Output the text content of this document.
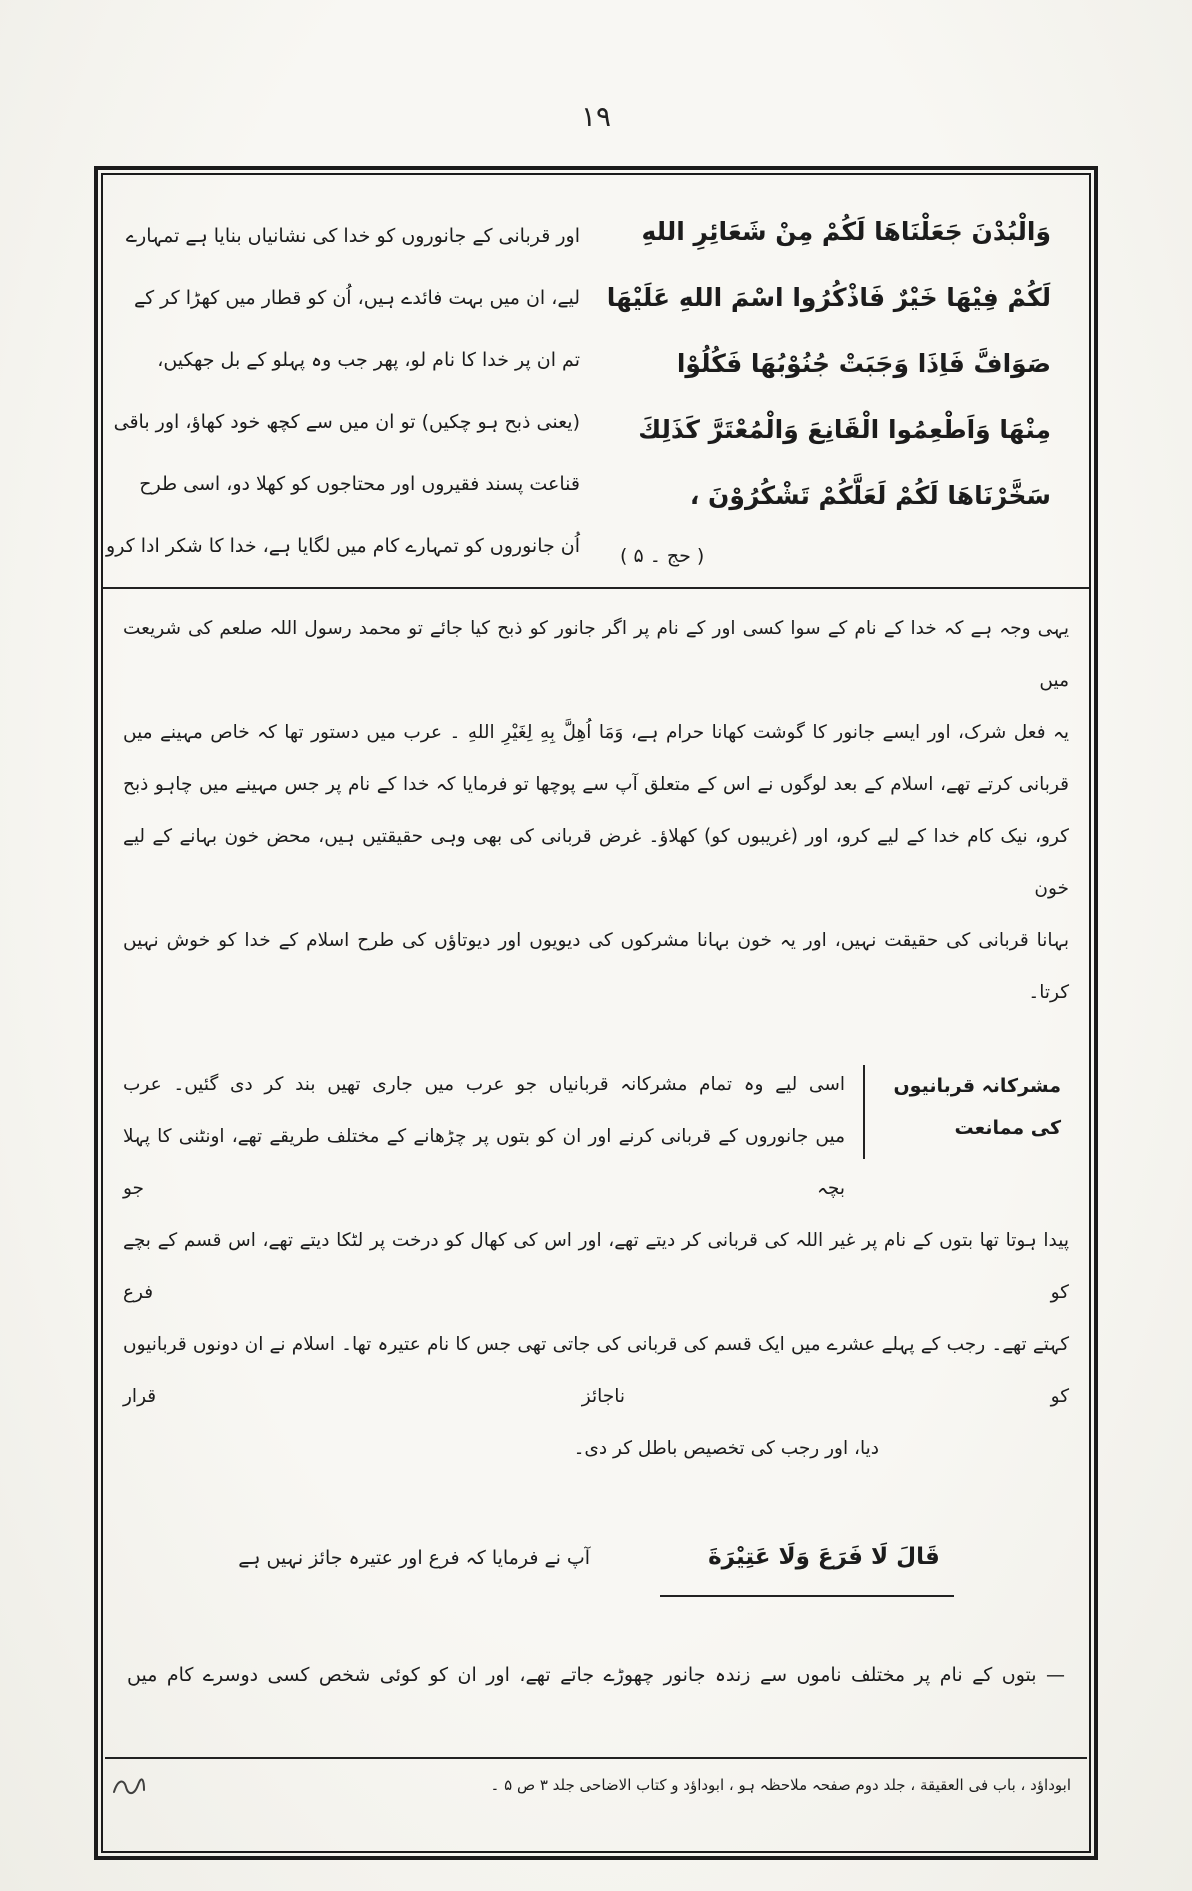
۱۹
وَالْبُدْنَ جَعَلْنَاهَا لَكُمْ مِنْ شَعَائِرِ اللهِ
لَكُمْ فِيْهَا خَيْرٌ فَاذْكُرُوا اسْمَ اللهِ عَلَيْهَا
صَوَافَّ فَاِذَا وَجَبَتْ جُنُوْبُهَا فَكُلُوْا
مِنْهَا وَاَطْعِمُوا الْقَانِعَ وَالْمُعْتَرَّ كَذَلِكَ
سَخَّرْنَاهَا لَكُمْ لَعَلَّكُمْ تَشْكُرُوْنَ ،
( حج ۔ ۵ )
اور قربانی کے جانوروں کو خدا کی نشانیاں بنایا ہے تمہارے
لیے، ان میں بہت فائدے ہیں، اُن کو قطار میں کھڑا کر کے
تم ان پر خدا کا نام لو، پھر جب وہ پہلو کے بل جھکیں،
(یعنی ذبح ہو چکیں) تو ان میں سے کچھ خود کھاؤ، اور باقی
قناعت پسند فقیروں اور محتاجوں کو کھلا دو، اسی طرح
اُن جانوروں کو تمہارے کام میں لگایا ہے، خدا کا شکر ادا کرو
یہی وجہ ہے کہ خدا کے نام کے سوا کسی اور کے نام پر اگر جانور کو ذبح کیا جائے تو محمد رسول اللہ صلعم کی شریعت میں
یہ فعل شرک، اور ایسے جانور کا گوشت کھانا حرام ہے، وَمَا اُهِلَّ بِهِ لِغَيْرِ اللهِ ۔ عرب میں دستور تھا کہ خاص مہینے میں
قربانی کرتے تھے، اسلام کے بعد لوگوں نے اس کے متعلق آپ سے پوچھا تو فرمایا کہ خدا کے نام پر جس مہینے میں چاہو ذبح
کرو، نیک کام خدا کے لیے کرو، اور (غریبوں کو) کھلاؤ۔ غرض قربانی کی بھی وہی حقیقتیں ہیں، محض خون بہانے کے لیے خون
بہانا قربانی کی حقیقت نہیں، اور یہ خون بہانا مشرکوں کی دیویوں اور دیوتاؤں کی طرح اسلام کے خدا کو خوش نہیں کرتا۔
مشرکانہ قربانیوں
کی ممانعت
اسی لیے وہ تمام مشرکانہ قربانیاں جو عرب میں جاری تھیں بند کر دی گئیں۔ عرب
میں جانوروں کے قربانی کرنے اور ان کو بتوں پر چڑھانے کے مختلف طریقے تھے، اونٹنی کا پہلا بچہ جو
پیدا ہوتا تھا بتوں کے نام پر غیر اللہ کی قربانی کر دیتے تھے، اور اس کی کھال کو درخت پر لٹکا دیتے تھے، اس قسم کے بچے کو فرع
کہتے تھے۔ رجب کے پہلے عشرے میں ایک قسم کی قربانی کی جاتی تھی جس کا نام عتیرہ تھا۔ اسلام نے ان دونوں قربانیوں کو ناجائز قرار
دیا، اور رجب کی تخصیص باطل کر دی۔
قَالَ لَا فَرَعَ وَلَا عَتِيْرَةَ
آپ نے فرمایا کہ فرع اور عتیرہ جائز نہیں ہے
— بتوں کے نام پر مختلف ناموں سے زندہ جانور چھوڑے جاتے تھے، اور ان کو کوئی شخص کسی دوسرے کام میں
ابوداؤد ، باب فی العقیقة ، جلد دوم صفحہ ملاحظہ ہو ، ابوداؤد و کتاب الاضاحی جلد ۳ ص ۵ ۔
